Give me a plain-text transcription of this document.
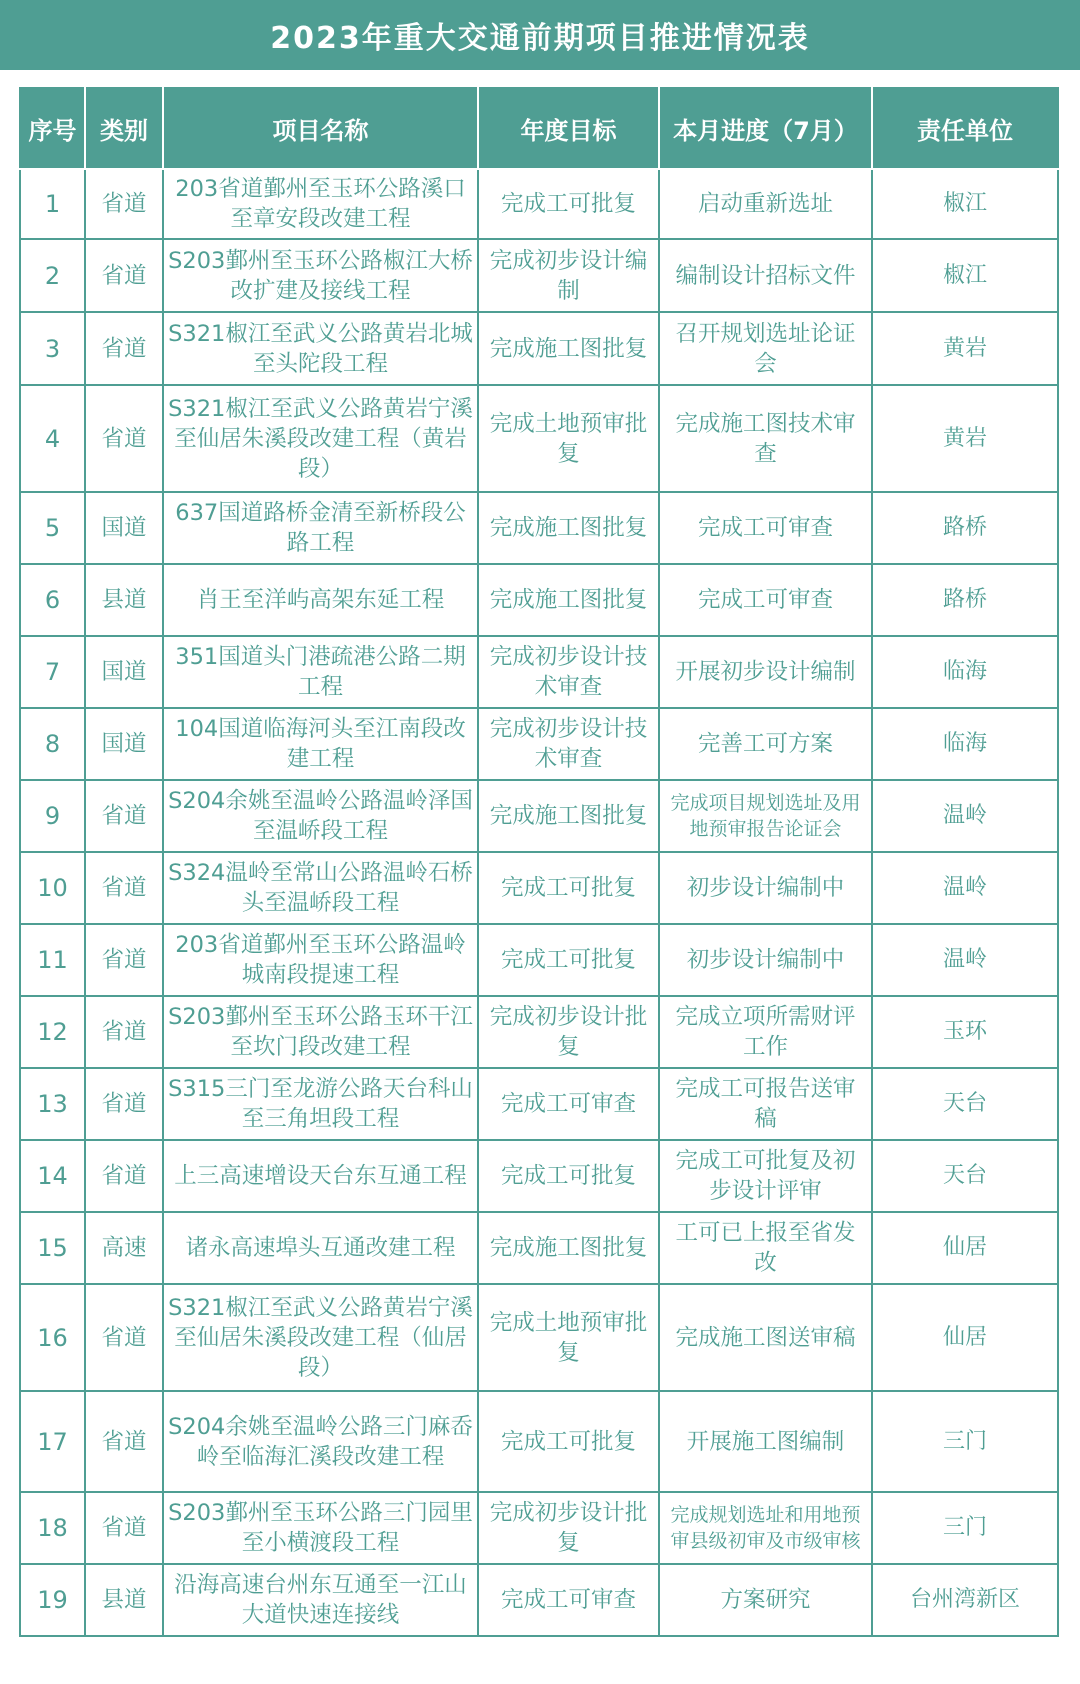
2023年重大交通前期项目推进情况表
序号	类别	项目名称	年度目标	本月进度（7月）	责任单位
1	省道	203省道鄞州至玉环公路溪口至章安段改建工程	完成工可批复	启动重新选址	椒江
2	省道	S203鄞州至玉环公路椒江大桥改扩建及接线工程	完成初步设计编制	编制设计招标文件	椒江
3	省道	S321椒江至武义公路黄岩北城至头陀段工程	完成施工图批复	召开规划选址论证会	黄岩
4	省道	S321椒江至武义公路黄岩宁溪至仙居朱溪段改建工程（黄岩段）	完成土地预审批复	完成施工图技术审查	黄岩
5	国道	637国道路桥金清至新桥段公路工程	完成施工图批复	完成工可审查	路桥
6	县道	肖王至洋屿高架东延工程	完成施工图批复	完成工可审查	路桥
7	国道	351国道头门港疏港公路二期工程	完成初步设计技术审查	开展初步设计编制	临海
8	国道	104国道临海河头至江南段改建工程	完成初步设计技术审查	完善工可方案	临海
9	省道	S204余姚至温岭公路温岭泽国至温峤段工程	完成施工图批复	完成项目规划选址及用地预审报告论证会	温岭
10	省道	S324温岭至常山公路温岭石桥头至温峤段工程	完成工可批复	初步设计编制中	温岭
11	省道	203省道鄞州至玉环公路温岭城南段提速工程	完成工可批复	初步设计编制中	温岭
12	省道	S203鄞州至玉环公路玉环干江至坎门段改建工程	完成初步设计批复	完成立项所需财评工作	玉环
13	省道	S315三门至龙游公路天台科山至三角坦段工程	完成工可审查	完成工可报告送审稿	天台
14	省道	上三高速增设天台东互通工程	完成工可批复	完成工可批复及初步设计评审	天台
15	高速	诸永高速埠头互通改建工程	完成施工图批复	工可已上报至省发改	仙居
16	省道	S321椒江至武义公路黄岩宁溪至仙居朱溪段改建工程（仙居段）	完成土地预审批复	完成施工图送审稿	仙居
17	省道	S204余姚至温岭公路三门麻岙岭至临海汇溪段改建工程	完成工可批复	开展施工图编制	三门
18	省道	S203鄞州至玉环公路三门园里至小横渡段工程	完成初步设计批复	完成规划选址和用地预审县级初审及市级审核	三门
19	县道	沿海高速台州东互通至一江山大道快速连接线	完成工可审查	方案研究	台州湾新区
